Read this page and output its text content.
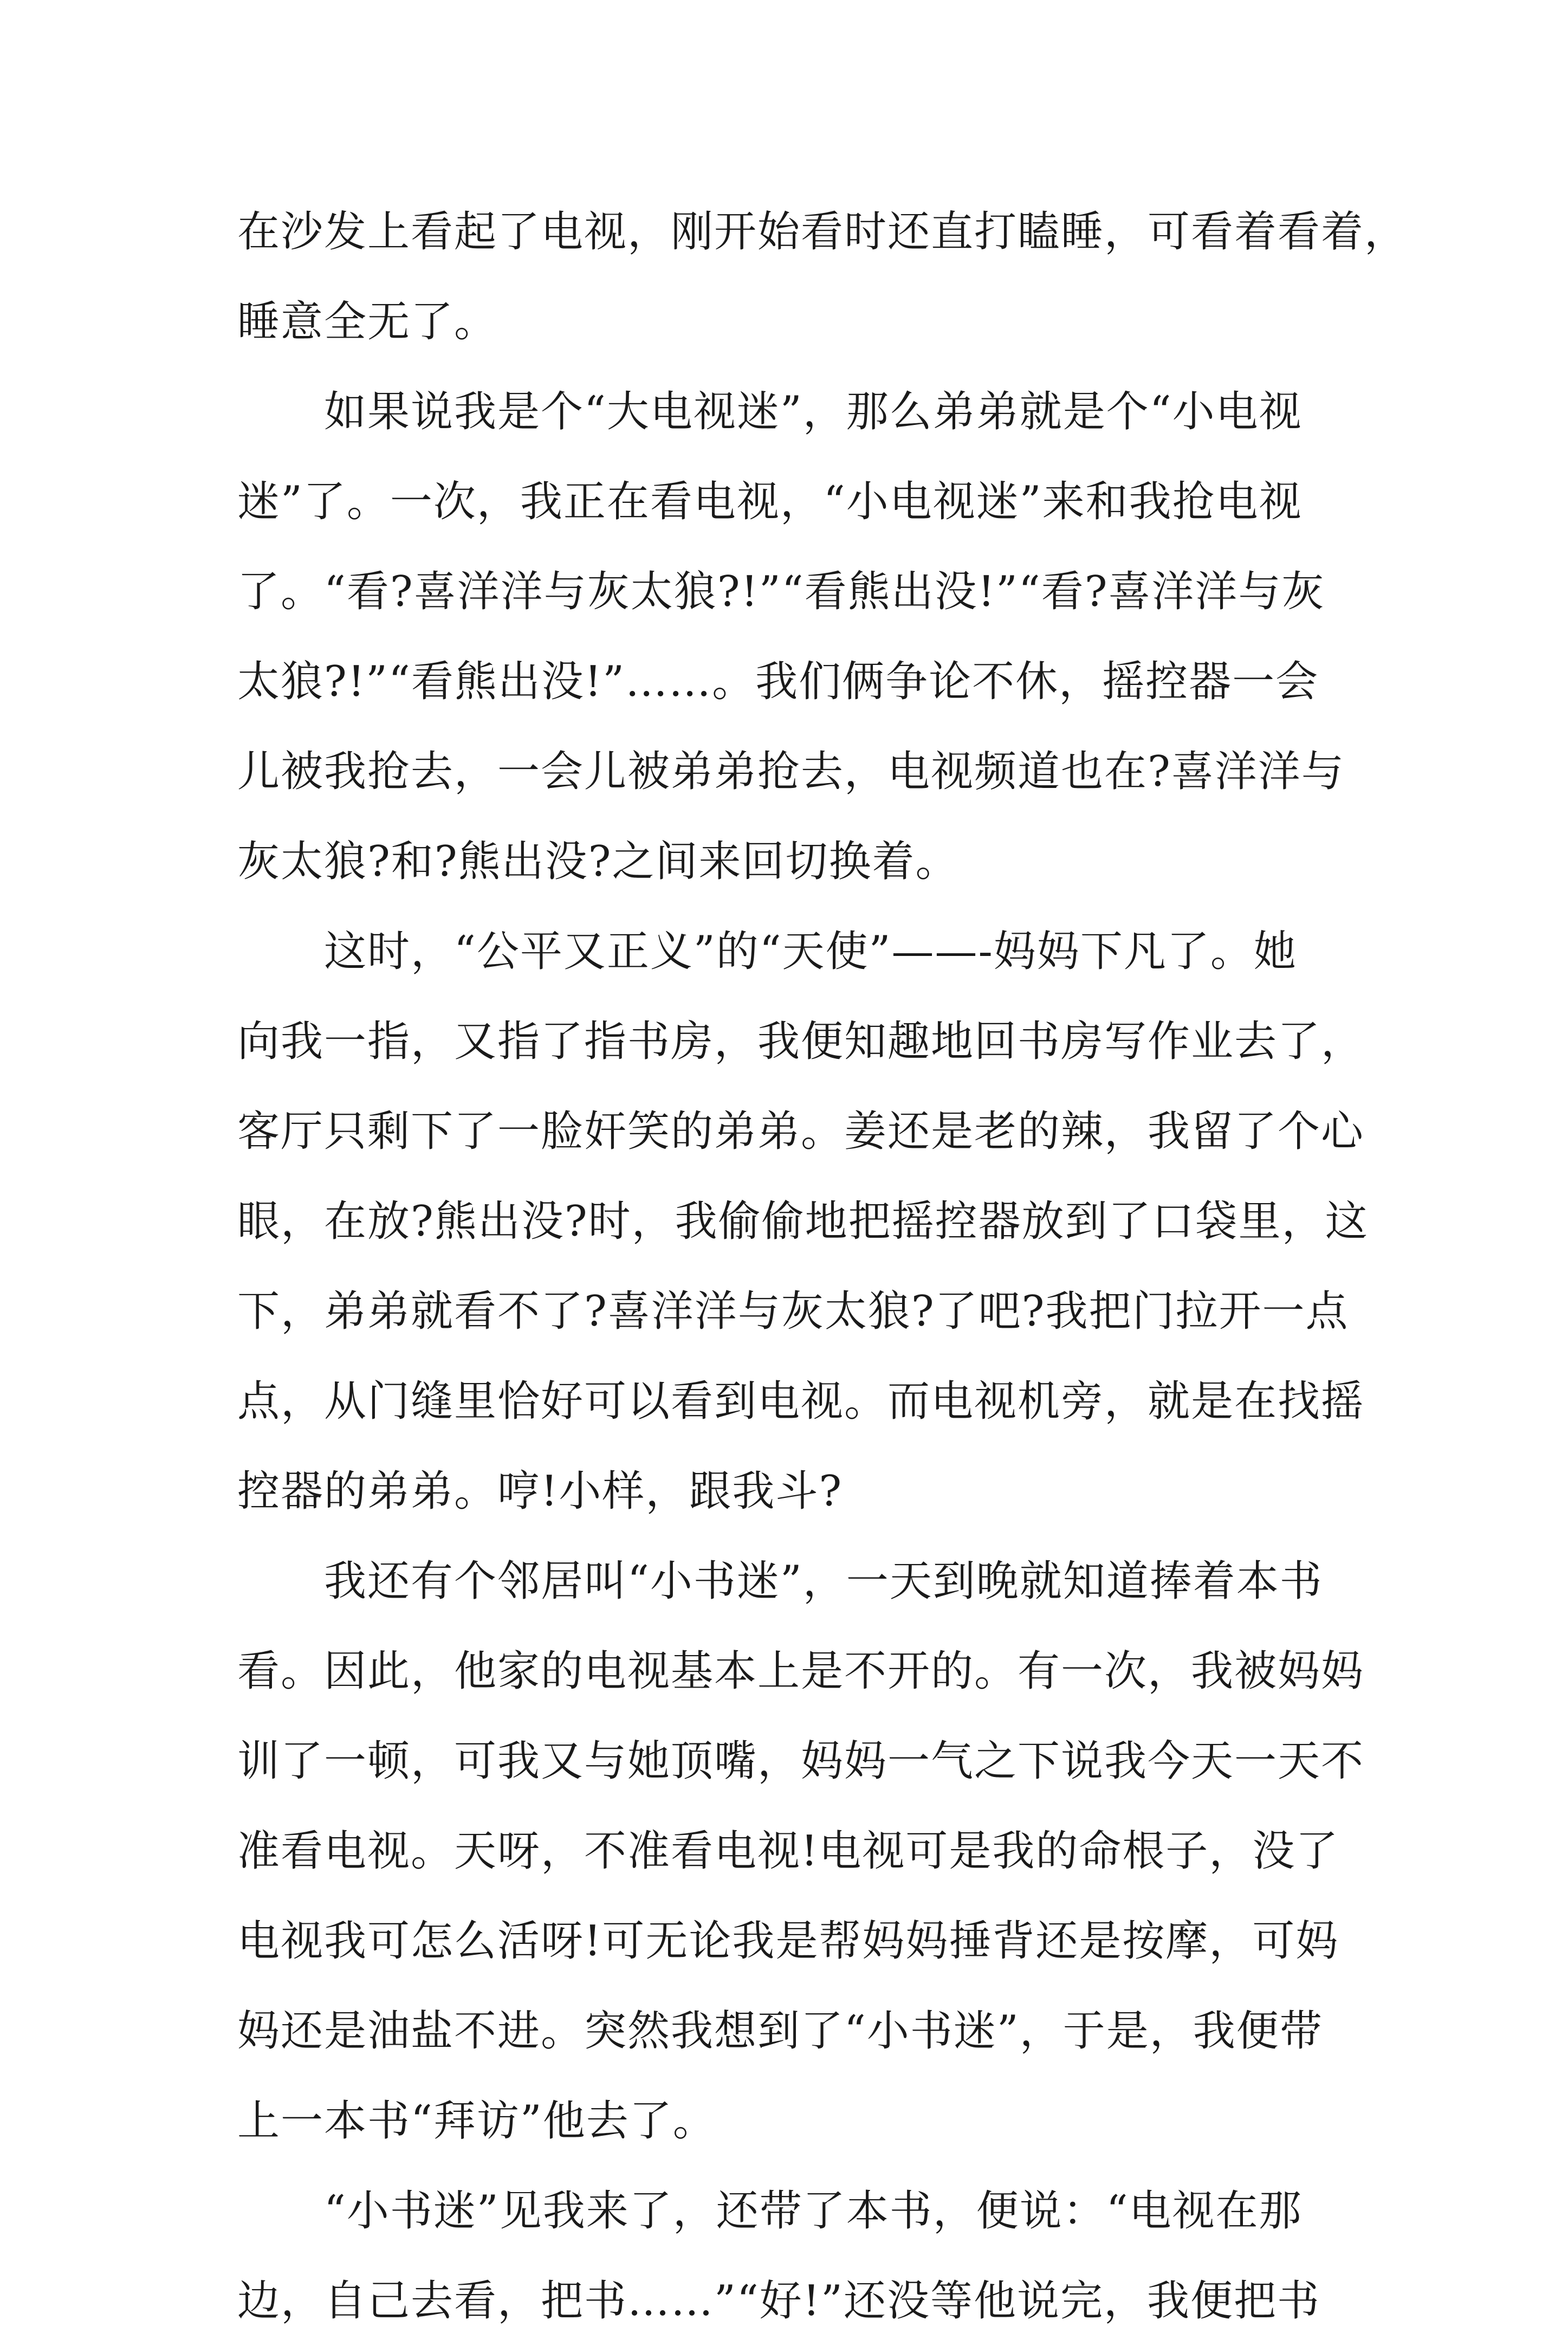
在沙发上看起了电视，刚开始看时还直打瞌睡，可看着看着，
睡意全无了。
如果说我是个“大电视迷”，那么弟弟就是个“小电视
迷”了。一次，我正在看电视，“小电视迷”来和我抢电视
了。“看?喜洋洋与灰太狼?!”“看熊出没!”“看?喜洋洋与灰
太狼?!”“看熊出没!”……。我们俩争论不休，摇控器一会
儿被我抢去，一会儿被弟弟抢去，电视频道也在?喜洋洋与
灰太狼?和?熊出没?之间来回切换着。
这时，“公平又正义”的“天使”——-妈妈下凡了。她
向我一指，又指了指书房，我便知趣地回书房写作业去了，
客厅只剩下了一脸奸笑的弟弟。姜还是老的辣，我留了个心
眼，在放?熊出没?时，我偷偷地把摇控器放到了口袋里，这
下，弟弟就看不了?喜洋洋与灰太狼?了吧?我把门拉开一点
点，从门缝里恰好可以看到电视。而电视机旁，就是在找摇
控器的弟弟。哼!小样，跟我斗?
我还有个邻居叫“小书迷”，一天到晚就知道捧着本书
看。因此，他家的电视基本上是不开的。有一次，我被妈妈
训了一顿，可我又与她顶嘴，妈妈一气之下说我今天一天不
准看电视。天呀，不准看电视!电视可是我的命根子，没了
电视我可怎么活呀!可无论我是帮妈妈捶背还是按摩，可妈
妈还是油盐不进。突然我想到了“小书迷”，于是，我便带
上一本书“拜访”他去了。
“小书迷”见我来了，还带了本书，便说：“电视在那
边，自己去看，把书……”“好!”还没等他说完，我便把书
